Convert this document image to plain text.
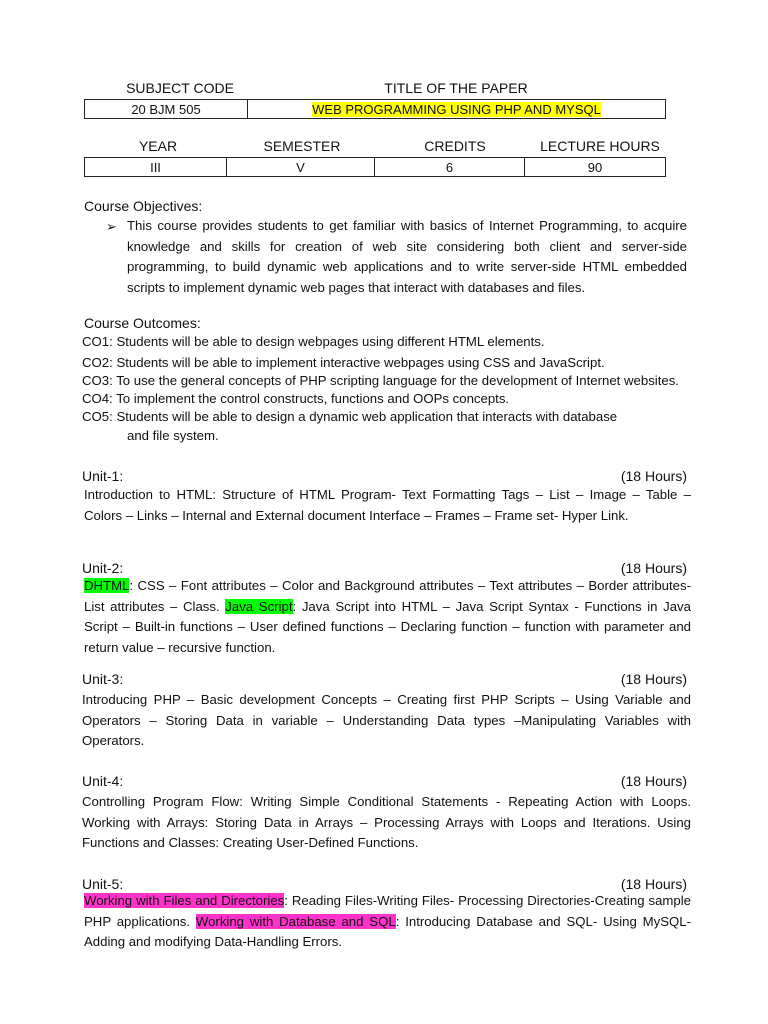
SUBJECT CODE	TITLE OF THE PAPER
20 BJM 505	WEB PROGRAMMING USING PHP AND MYSQL
YEAR	SEMESTER	CREDITS	LECTURE HOURS
III	V	6	90
Course Objectives:
➢ This course provides students to get familiar with basics of Internet Programming, to acquire knowledge and skills for creation of web site considering both client and server-side programming, to build dynamic web applications and to write server-side HTML embedded scripts to implement dynamic web pages that interact with databases and files.
Course Outcomes:
CO1: Students will be able to design webpages using different HTML elements.
CO2: Students will be able to implement interactive webpages using CSS and JavaScript.
CO3: To use the general concepts of PHP scripting language for the development of Internet websites.
CO4: To implement the control constructs, functions and OOPs concepts.
CO5: Students will be able to design a dynamic web application that interacts with database
and file system.
Unit-1:	(18 Hours)
Introduction to HTML: Structure of HTML Program- Text Formatting Tags – List – Image – Table – Colors – Links – Internal and External document Interface – Frames – Frame set- Hyper Link.
Unit-2:	(18 Hours)
DHTML: CSS – Font attributes – Color and Background attributes – Text attributes – Border attributes- List attributes – Class. Java Script: Java Script into HTML – Java Script Syntax - Functions in Java Script – Built-in functions – User defined functions – Declaring function – function with parameter and return value – recursive function.
Unit-3:	(18 Hours)
Introducing PHP – Basic development Concepts – Creating first PHP Scripts – Using Variable and Operators – Storing Data in variable – Understanding Data types –Manipulating Variables with Operators.
Unit-4:	(18 Hours)
Controlling Program Flow: Writing Simple Conditional Statements - Repeating Action with Loops. Working with Arrays: Storing Data in Arrays – Processing Arrays with Loops and Iterations. Using Functions and Classes: Creating User-Defined Functions.
Unit-5:	(18 Hours)
Working with Files and Directories: Reading Files-Writing Files- Processing Directories-Creating sample PHP applications. Working with Database and SQL: Introducing Database and SQL- Using MySQL-Adding and modifying Data-Handling Errors.
